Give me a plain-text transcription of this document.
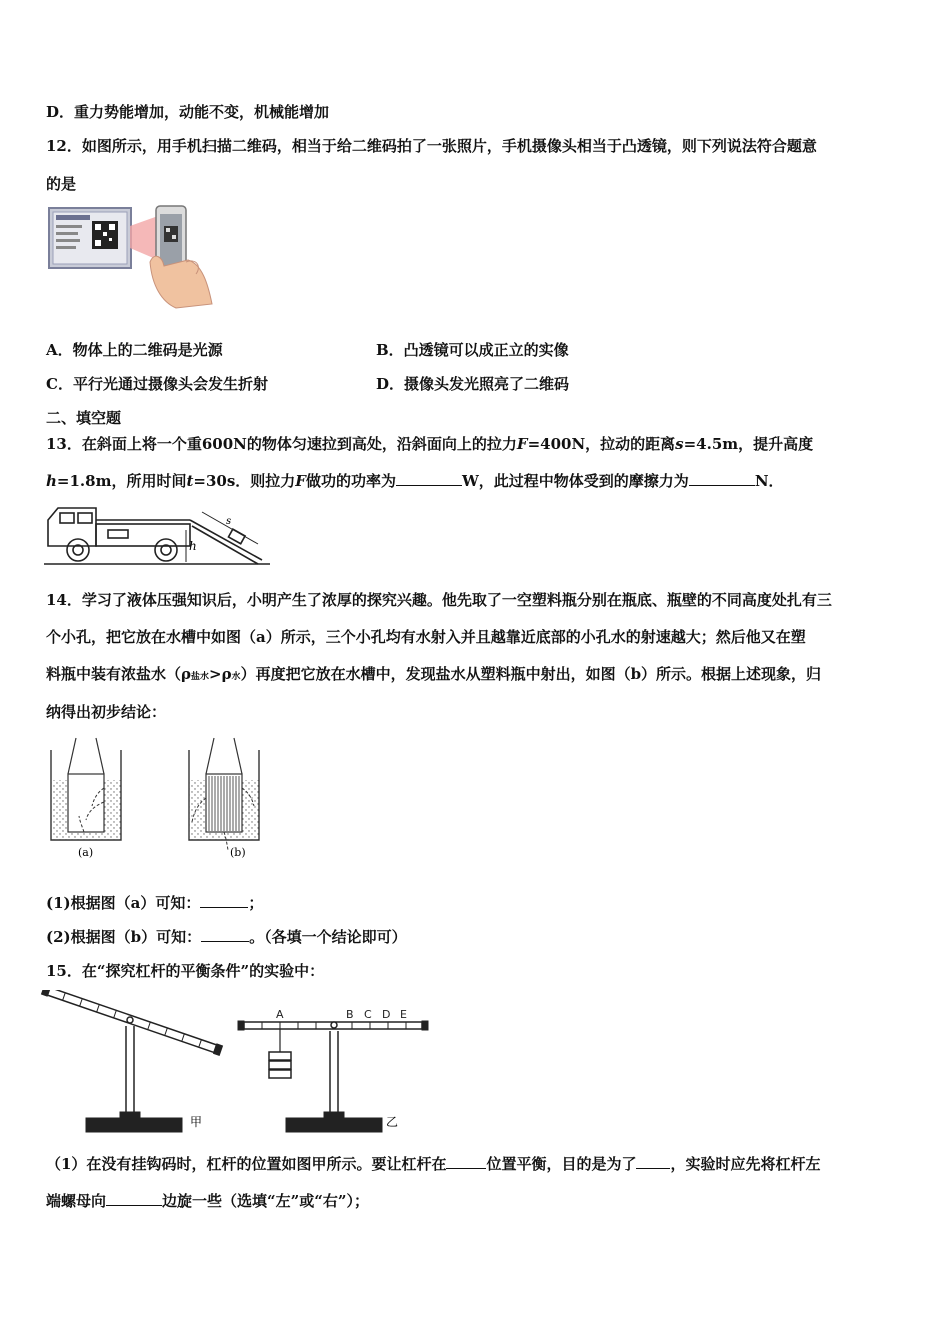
D．重力势能增加，动能不变，机械能增加
12．如图所示，用手机扫描二维码，相当于给二维码拍了一张照片，手机摄像头相当于凸透镜，则下列说法符合题意
的是
A．物体上的二维码是光源	B．凸透镜可以成正立的实像
C．平行光通过摄像头会发生折射	D．摄像头发光照亮了二维码
二、填空题
13．在斜面上将一个重600N的物体匀速拉到高处，沿斜面向上的拉力F=400N，拉动的距离s=4.5m，提升高度
h=1.8m，所用时间t=30s．则拉力F做功的功率为	W，此过程中物体受到的摩擦力为	N．
h
s
14．学习了液体压强知识后，小明产生了浓厚的探究兴趣。他先取了一空塑料瓶分别在瓶底、瓶壁的不同高度处扎有三
个小孔，把它放在水槽中如图（a）所示，三个小孔均有水射入并且越靠近底部的小孔水的射速越大；然后他又在塑
料瓶中装有浓盐水（ρ盐水>ρ水）再度把它放在水槽中，发现盐水从塑料瓶中射出，如图（b）所示。根据上述现象，归
纳得出初步结论：
(a)	(b)
(1)根据图（a）可知：	；
(2)根据图（b）可知：	。（各填一个结论即可）
15．在“探究杠杆的平衡条件”的实验中：
A	B C D E
甲	乙
（1）在没有挂钩码时，杠杆的位置如图甲所示。要让杠杆在	位置平衡，目的是为了 ，实验时应先将杠杆左
端螺母向	边旋一些（选填“左”或“右”）；
